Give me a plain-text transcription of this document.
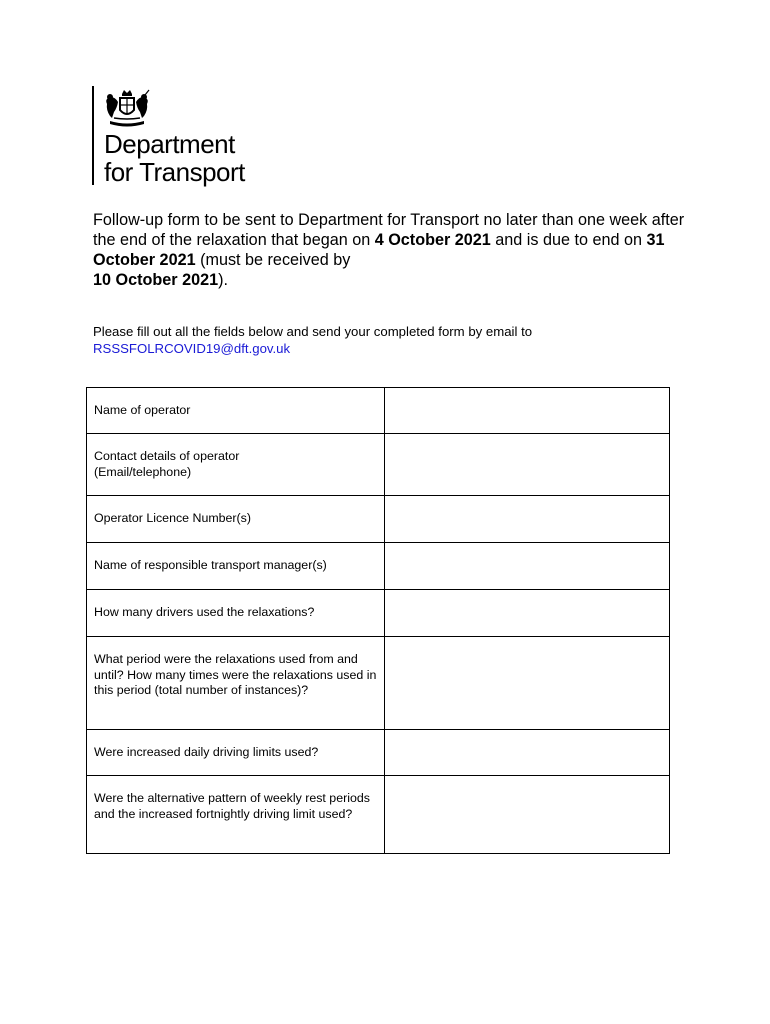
Department
for Transport
Follow-up form to be sent to Department for Transport no later than one week after the end of the relaxation that began on 4 October 2021 and is due to end on 31 October 2021 (must be received by
10 October 2021).
Please fill out all the fields below and send your completed form by email to
RSSSFOLRCOVID19@dft.gov.uk
Name of operator	

Contact details of operator
(Email/telephone)	

Operator Licence Number(s)	

Name of responsible transport manager(s)	

How many drivers used the relaxations?	

What period were the relaxations used from and until? How many times were the relaxations used in this period (total number of instances)?	

Were increased daily driving limits used?	

Were the alternative pattern of weekly rest periods and the increased fortnightly driving limit used?	
